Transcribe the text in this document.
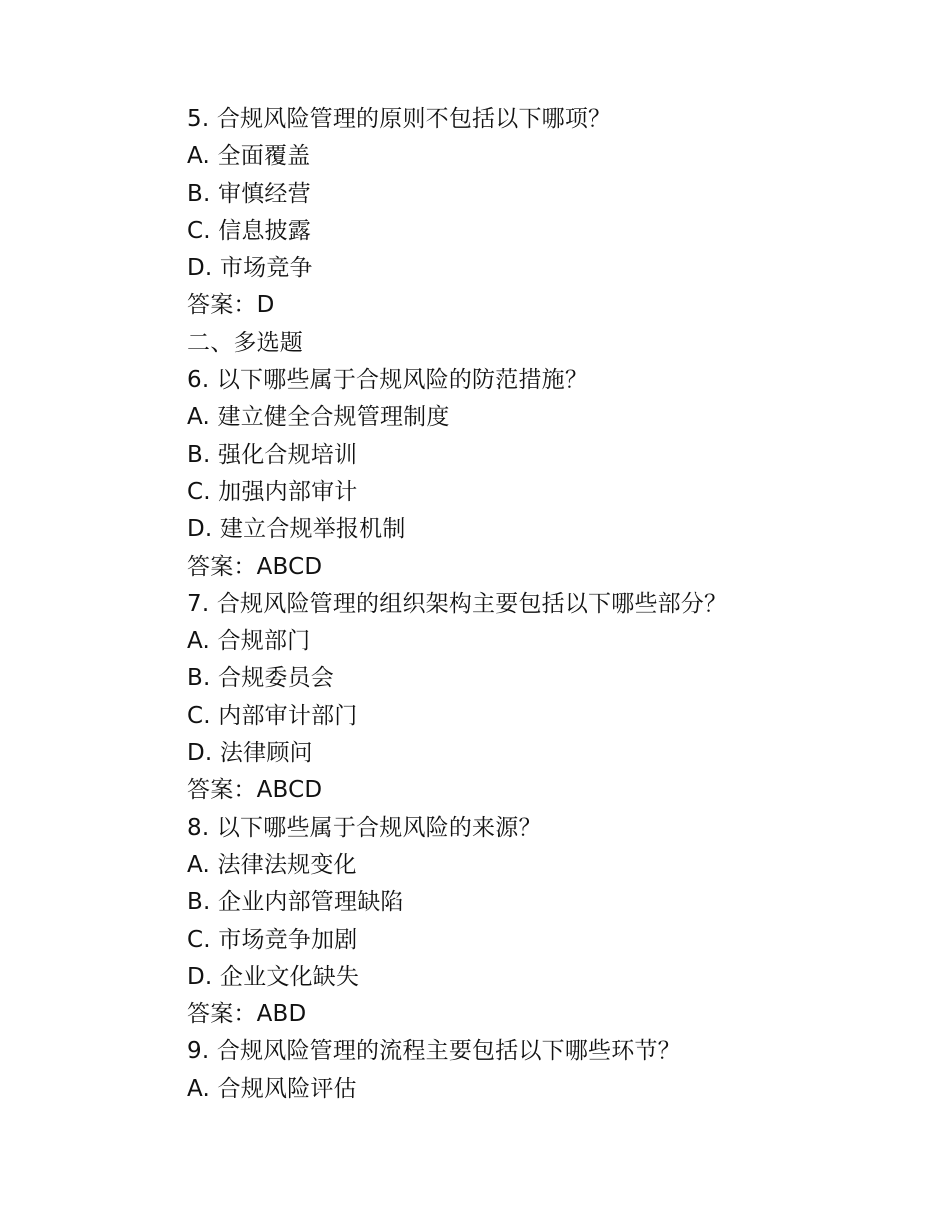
5. 合规风险管理的原则不包括以下哪项？
A. 全面覆盖
B. 审慎经营
C. 信息披露
D. 市场竞争
答案：D
二、多选题
6. 以下哪些属于合规风险的防范措施？
A. 建立健全合规管理制度
B. 强化合规培训
C. 加强内部审计
D. 建立合规举报机制
答案：ABCD
7. 合规风险管理的组织架构主要包括以下哪些部分？
A. 合规部门
B. 合规委员会
C. 内部审计部门
D. 法律顾问
答案：ABCD
8. 以下哪些属于合规风险的来源？
A. 法律法规变化
B. 企业内部管理缺陷
C. 市场竞争加剧
D. 企业文化缺失
答案：ABD
9. 合规风险管理的流程主要包括以下哪些环节？
A. 合规风险评估
